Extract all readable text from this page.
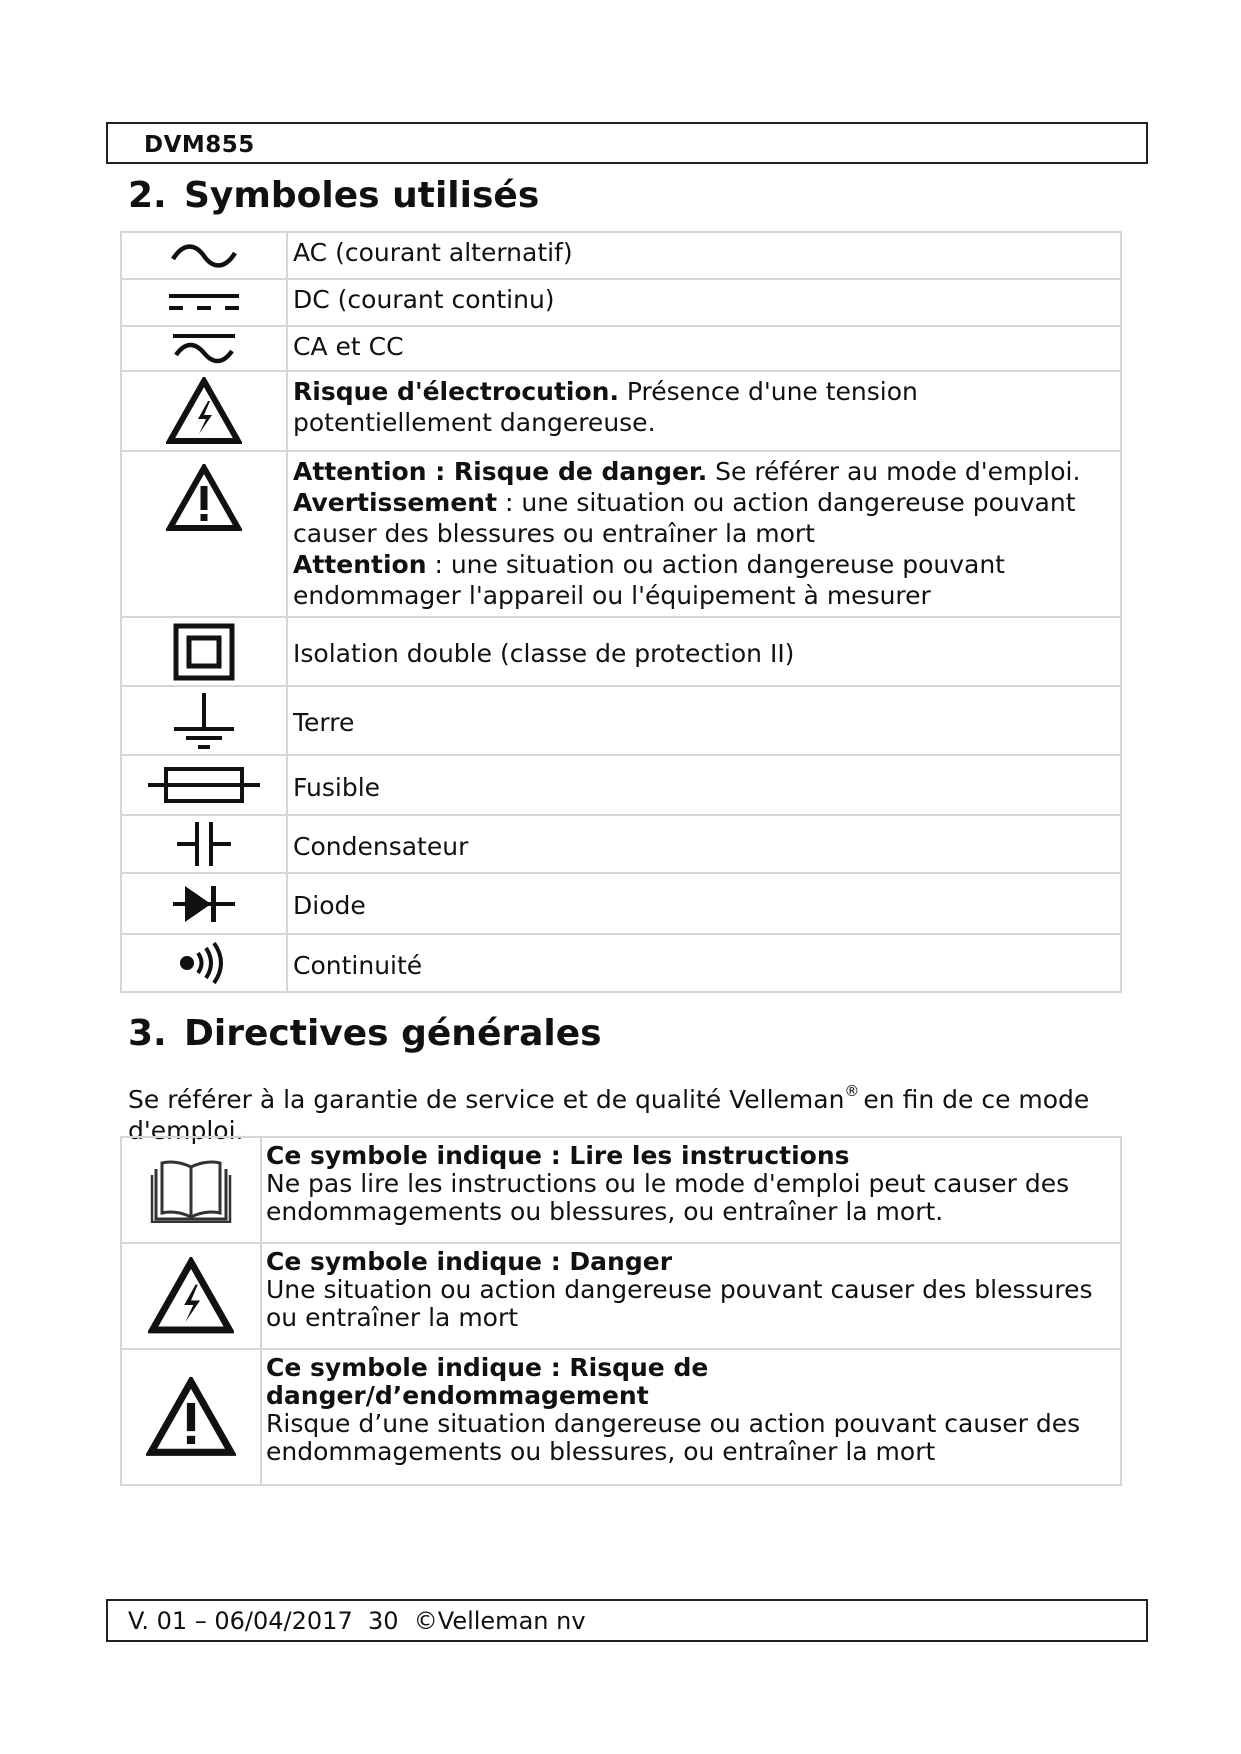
DVM855
2. Symboles utilisés
	AC (courant alternatif)

	DC (courant continu)

	CA et CC

	Risque d'électrocution. Présence d'une tension potentiellement dangereuse.

Attention : Risque de danger. Se référer au mode d'emploi.
Avertissement : une situation ou action dangereuse pouvant causer des blessures ou entraîner la mort
Attention : une situation ou action dangereuse pouvant endommager l'appareil ou l'équipement à mesurer

	Isolation double (classe de protection II)

	Terre

	Fusible

	Condensateur

	Diode

	Continuité
3. Directives générales
Se référer à la garantie de service et de qualité Velleman® en fin de ce mode d'emploi.

Ce symbole indique : Lire les instructions
Ne pas lire les instructions ou le mode d'emploi peut causer des endommagements ou blessures, ou entraîner la mort.

Ce symbole indique : Danger
Une situation ou action dangereuse pouvant causer des blessures ou entraîner la mort

Ce symbole indique : Risque de danger/d’endommagement
Risque d’une situation dangereuse ou action pouvant causer des endommagements ou blessures, ou entraîner la mort
V. 01 – 06/04/2017  30  ©Velleman nv
